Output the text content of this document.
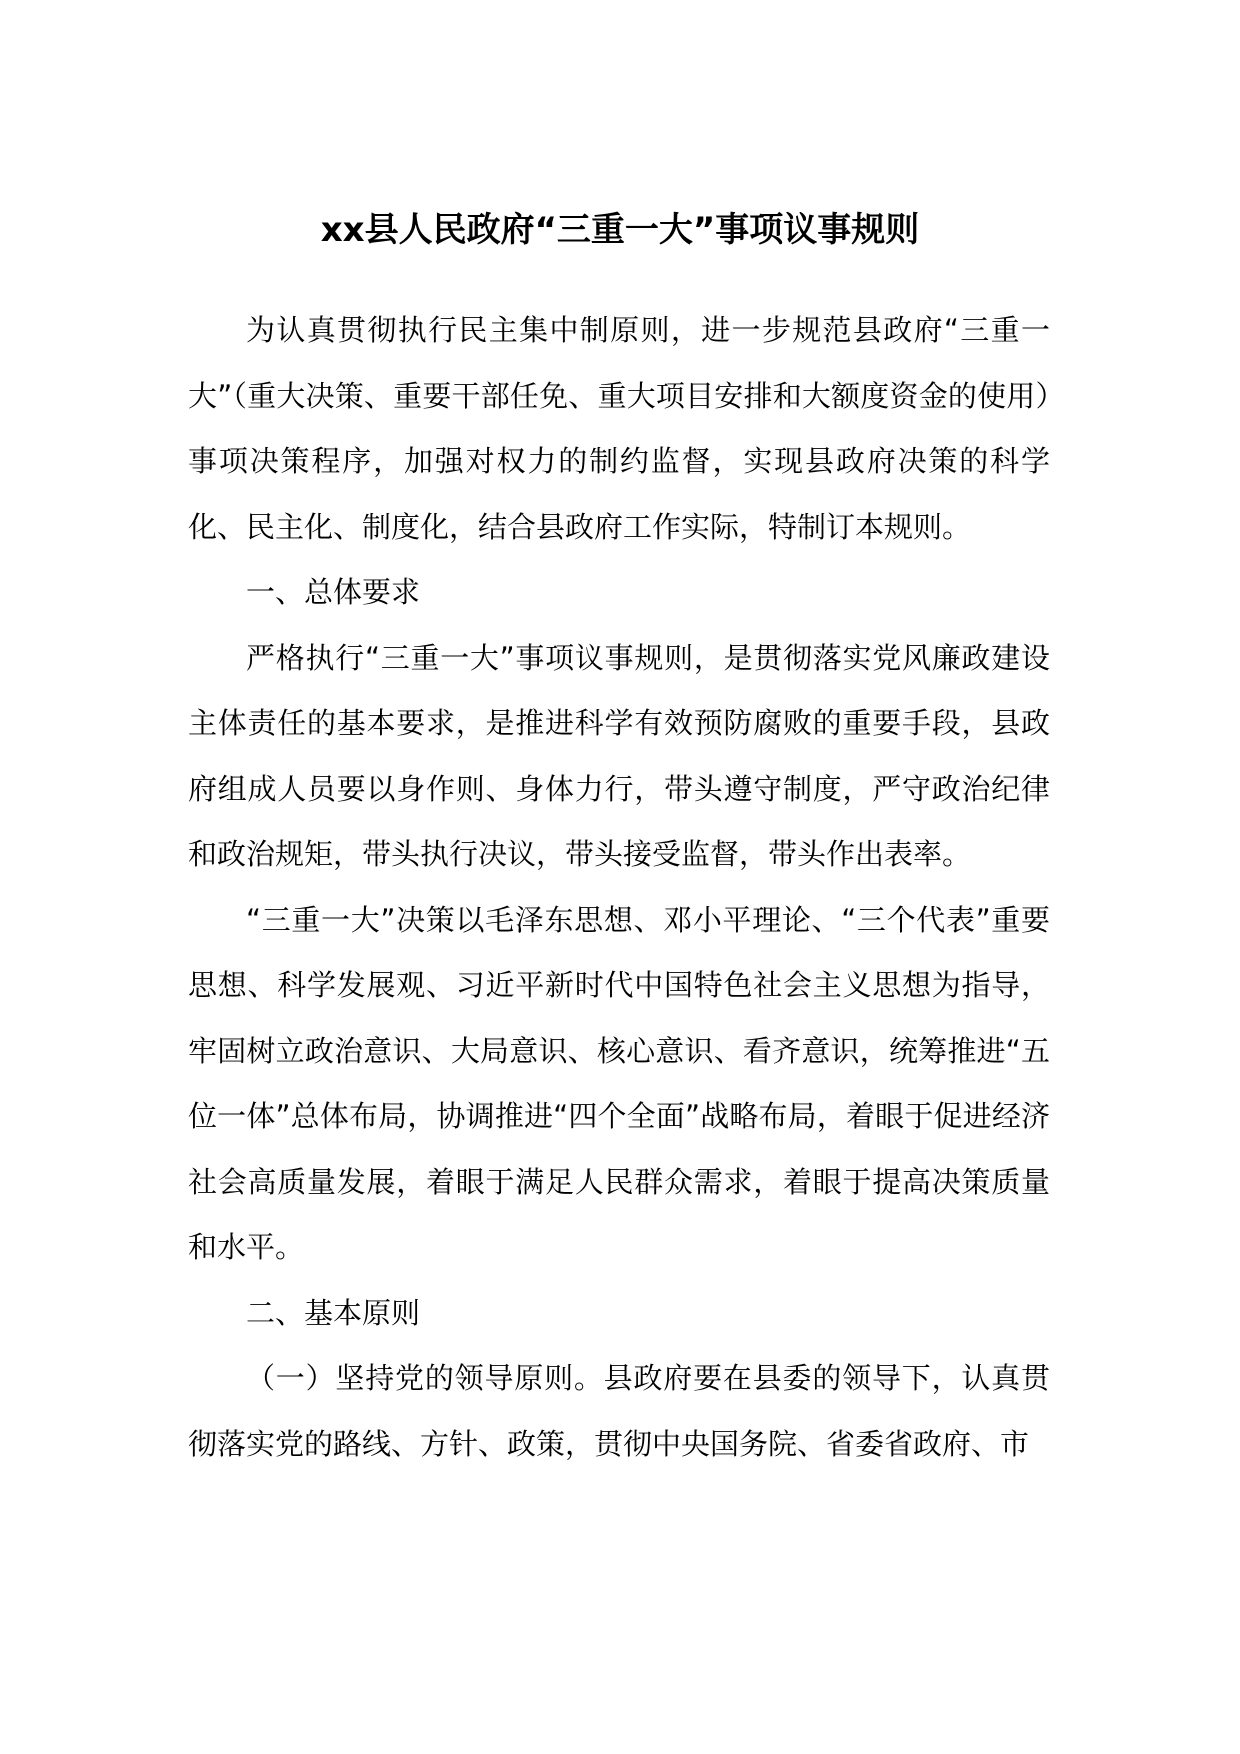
xx县人民政府“三重一大”事项议事规则

为认真贯彻执行民主集中制原则，进一步规范县政府“三重一大”（重大决策、重要干部任免、重大项目安排和大额度资金的使用）事项决策程序，加强对权力的制约监督，实现县政府决策的科学化、民主化、制度化，结合县政府工作实际，特制订本规则。

一、总体要求

严格执行“三重一大”事项议事规则，是贯彻落实党风廉政建设主体责任的基本要求，是推进科学有效预防腐败的重要手段，县政府组成人员要以身作则、身体力行，带头遵守制度，严守政治纪律和政治规矩，带头执行决议，带头接受监督，带头作出表率。

“三重一大”决策以毛泽东思想、邓小平理论、“三个代表”重要思想、科学发展观、习近平新时代中国特色社会主义思想为指导，牢固树立政治意识、大局意识、核心意识、看齐意识，统筹推进“五位一体”总体布局，协调推进“四个全面”战略布局，着眼于促进经济社会高质量发展，着眼于满足人民群众需求，着眼于提高决策质量和水平。

二、基本原则

（一）坚持党的领导原则。县政府要在县委的领导下，认真贯彻落实党的路线、方针、政策，贯彻中央国务院、省委省政府、市
